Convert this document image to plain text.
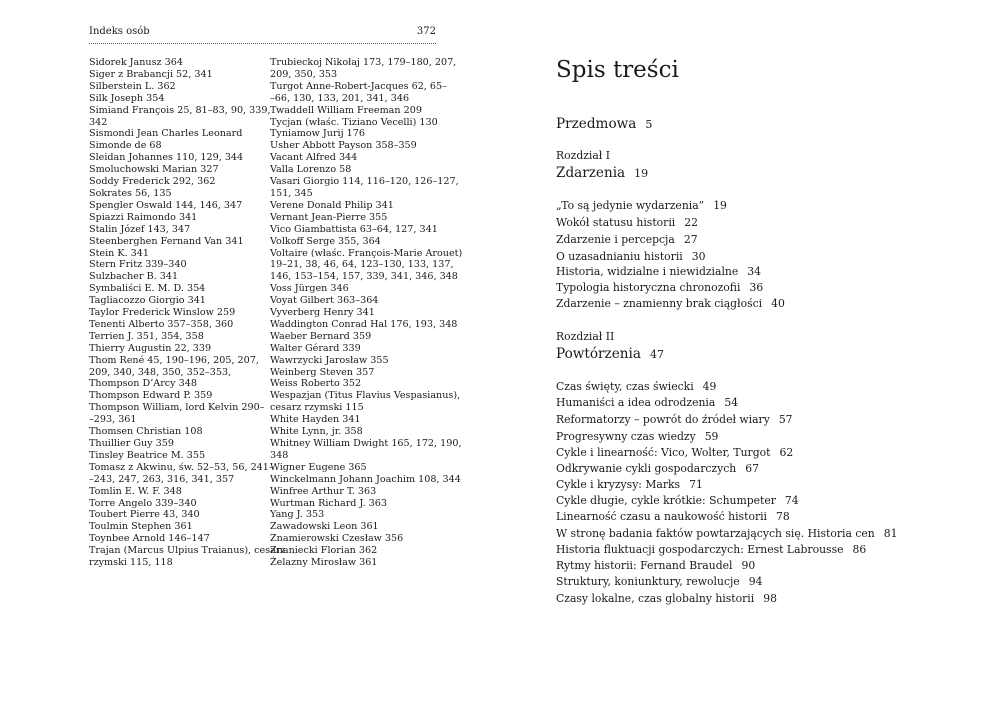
Indeks osób	372
Sidorek Janusz 364
Siger z Brabancji 52, 341
Silberstein L. 362
Silk Joseph 354
Simiand François 25, 81–83, 90, 339,
342
Sismondi Jean Charles Leonard
Simonde de 68
Sleidan Johannes 110, 129, 344
Smoluchowski Marian 327
Soddy Frederick 292, 362
Sokrates 56, 135
Spengler Oswald 144, 146, 347
Spiazzi Raimondo 341
Stalin Józef 143, 347
Steenberghen Fernand Van 341
Stein K. 341
Stern Fritz 339–340
Sulzbacher B. 341
Symbaliści E. M. D. 354
Tagliacozzo Giorgio 341
Taylor Frederick Winslow 259
Tenenti Alberto 357–358, 360
Terrien J. 351, 354, 358
Thierry Augustin 22, 339
Thom René 45, 190–196, 205, 207,
209, 340, 348, 350, 352–353,
Thompson D’Arcy 348
Thompson Edward P. 359
Thompson William, lord Kelvin 290–
–293, 361
Thomsen Christian 108
Thuillier Guy 359
Tinsley Beatrice M. 355
Tomasz z Akwinu, św. 52–53, 56, 241–
–243, 247, 263, 316, 341, 357
Tomlin E. W. F. 348
Torre Angelo 339–340
Toubert Pierre 43, 340
Toulmin Stephen 361
Toynbee Arnold 146–147
Trajan (Marcus Ulpius Traianus), cesarz
rzymski 115, 118
Trubieckoj Nikołaj 173, 179–180, 207,
209, 350, 353
Turgot Anne-Robert-Jacques 62, 65–
–66, 130, 133, 201, 341, 346
Twaddell William Freeman 209
Tycjan (właśc. Tiziano Vecelli) 130
Tyniamow Jurij 176
Usher Abbott Payson 358–359
Vacant Alfred 344
Valla Lorenzo 58
Vasari Giorgio 114, 116–120, 126–127,
151, 345
Verene Donald Philip 341
Vernant Jean-Pierre 355
Vico Giambattista 63–64, 127, 341
Volkoff Serge 355, 364
Voltaire (właśc. François-Marie Arouet)
19–21, 38, 46, 64, 123–130, 133, 137,
146, 153–154, 157, 339, 341, 346, 348
Voss Jürgen 346
Voyat Gilbert 363–364
Vyverberg Henry 341
Waddington Conrad Hal 176, 193, 348
Waeber Bernard 359
Walter Gérard 339
Wawrzycki Jarosław 355
Weinberg Steven 357
Weiss Roberto 352
Wespazjan (Titus Flavius Vespasianus),
cesarz rzymski 115
White Hayden 341
White Lynn, jr. 358
Whitney William Dwight 165, 172, 190,
348
Wigner Eugene 365
Winckelmann Johann Joachim 108, 344
Winfree Arthur T. 363
Wurtman Richard J. 363
Yang J. 353
Zawadowski Leon 361
Znamierowski Czesław 356
Znaniecki Florian 362
Żelazny Mirosław 361
Spis treści
Przedmowa 5
Rozdział I
Zdarzenia 19
„To są jedynie wydarzenia” 19
Wokół statusu historii 22
Zdarzenie i percepcja 27
O uzasadnianiu historii 30
Historia, widzialne i niewidzialne 34
Typologia historyczna chronozofii 36
Zdarzenie – znamienny brak ciągłości 40
Rozdział II
Powtórzenia 47
Czas święty, czas świecki 49
Humaniści a idea odrodzenia 54
Reformatorzy – powrót do źródeł wiary 57
Progresywny czas wiedzy 59
Cykle i linearność: Vico, Wolter, Turgot 62
Odkrywanie cykli gospodarczych 67
Cykle i kryzysy: Marks 71
Cykle długie, cykle krótkie: Schumpeter 74
Linearność czasu a naukowość historii 78
W stronę badania faktów powtarzających się. Historia cen 81
Historia fluktuacji gospodarczych: Ernest Labrousse 86
Rytmy historii: Fernand Braudel 90
Struktury, koniunktury, rewolucje 94
Czasy lokalne, czas globalny historii 98
